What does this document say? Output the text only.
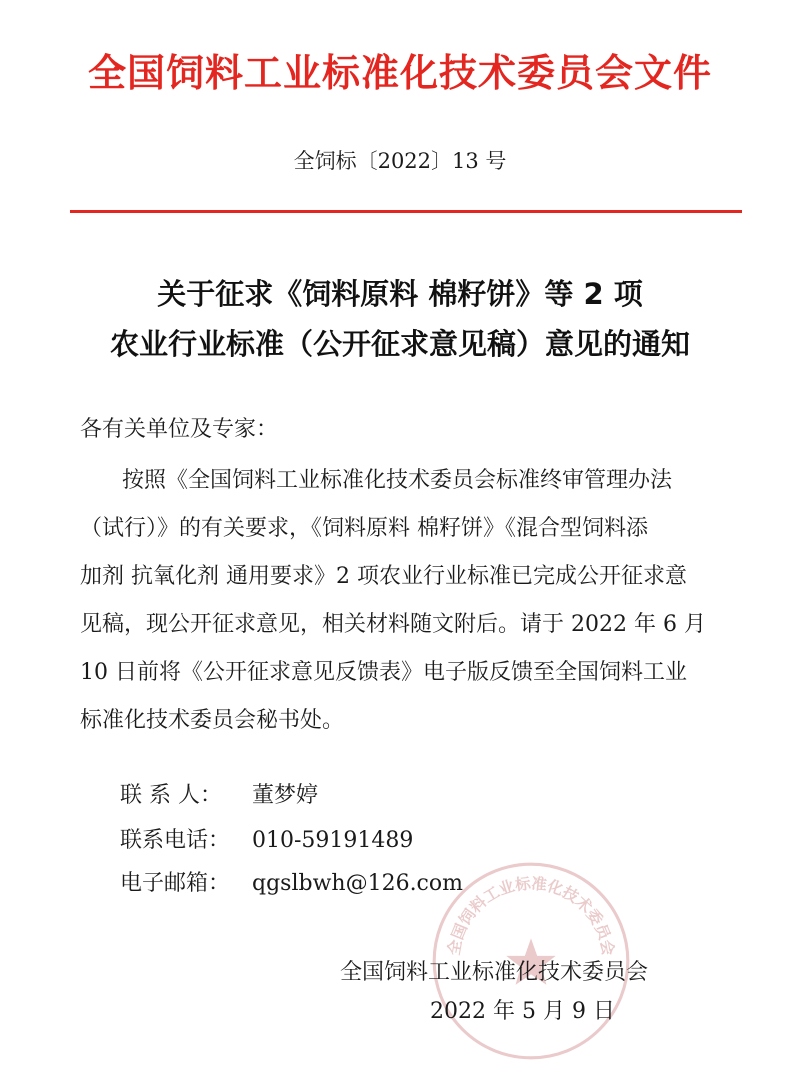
全国饲料工业标准化技术委员会文件
全饲标〔2022〕13 号
关于征求《饲料原料 棉籽饼》等 2 项
农业行业标准（公开征求意见稿）意见的通知
各有关单位及专家：
按照《全国饲料工业标准化技术委员会标准终审管理办法
（试行）》的有关要求，《饲料原料 棉籽饼》《混合型饲料添
加剂 抗氧化剂 通用要求》2 项农业行业标准已完成公开征求意
见稿，现公开征求意见，相关材料随文附后。请于 2022 年 6 月
10 日前将《公开征求意见反馈表》电子版反馈至全国饲料工业
标准化技术委员会秘书处。
联 系 人： 董梦婷
联系电话： 010-59191489
电子邮箱： qgslbwh@126.com
全国饲料工业标准化技术委员会
全国饲料工业标准化技术委员会
2022 年 5 月 9 日
